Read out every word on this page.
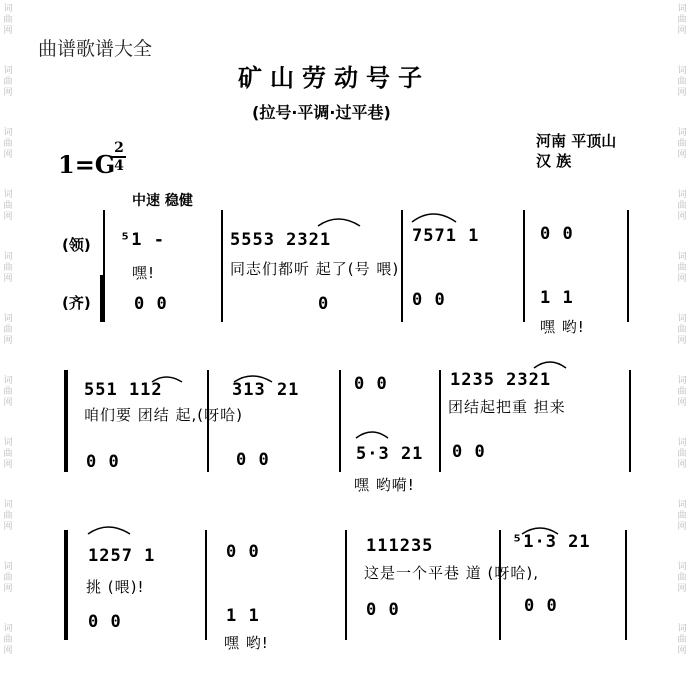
词
曲
网
词
曲
网
词
曲
网
词
曲
网
词
曲
网
词
曲
网
词
曲
网
词
曲
网
词
曲
网
词
曲
网
词
曲
网
词
曲
网
词
曲
网
词
曲
网
词
曲
网
词
曲
网
词
曲
网
词
曲
网
词
曲
网
词
曲
网
词
曲
网
词
曲
网
曲谱歌谱大全
矿山劳动号子
(拉号·平调·过平巷)
河南 平顶山
汉 族
1=G
$\frac{2}{4}$
中速 稳健
(领)
(齐)
⁵1 -	5553 2321	7571 1	0 0
嘿!	同志们都听 起了(号 喂)!
0 0	0	0 0	1 1
嘿 哟!
551 112	313 21	0 0	1235 2321
咱们要 团结 起,(呀哈)	团结起把重 担来
0 0	0 0	5·3 21 0 0
嘿 哟嗬!
1257 1	0 0	111235	⁵1·3 21
挑 (喂)!
这是一个平巷 道 (呀哈),
0 0	1 1	0 0	0 0
嘿 哟!
